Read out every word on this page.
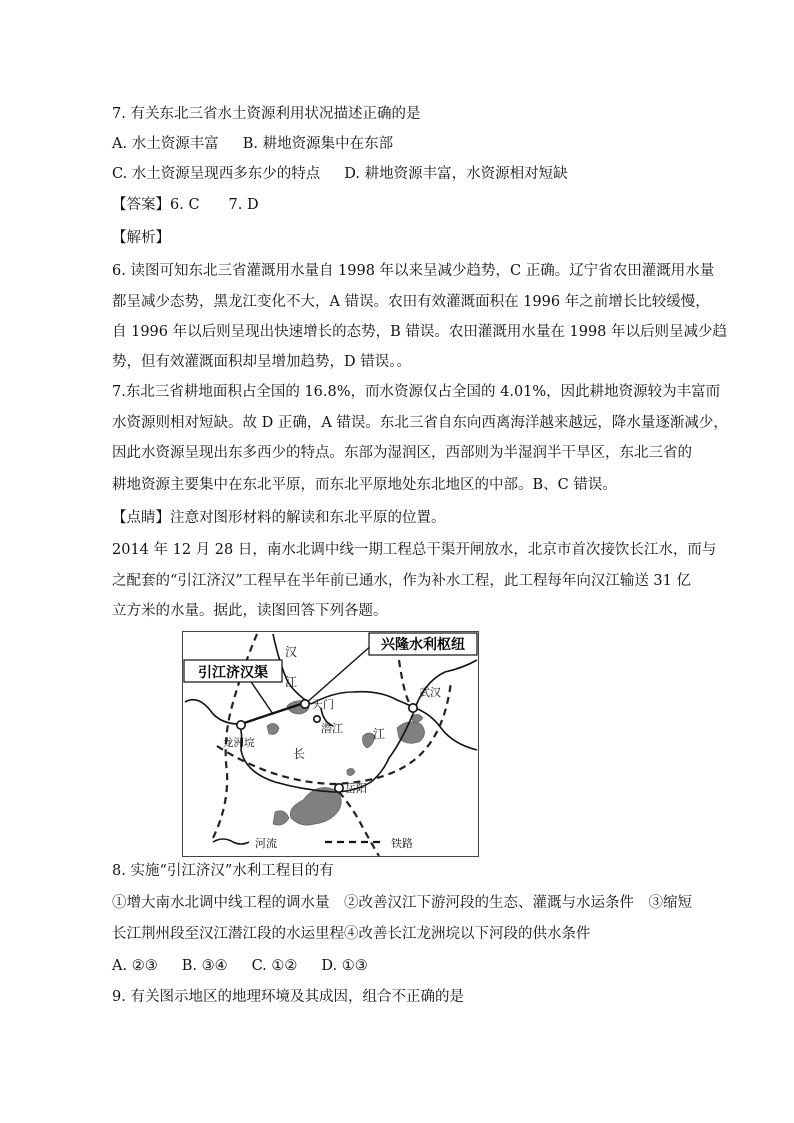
7. 有关东北三省水土资源利用状况描述正确的是
A. 水土资源丰富 B. 耕地资源集中在东部
C. 水土资源呈现西多东少的特点 D. 耕地资源丰富，水资源相对短缺
【答案】6. C　　7. D
【解析】
6. 读图可知东北三省灌溉用水量自 1998 年以来呈减少趋势，C 正确。辽宁省农田灌溉用水量
都呈减少态势，黑龙江变化不大，A 错误。农田有效灌溉面积在 1996 年之前增长比较缓慢，
自 1996 年以后则呈现出快速增长的态势，B 错误。农田灌溉用水量在 1998 年以后则呈减少趋
势，但有效灌溉面积却呈增加趋势，D 错误。。
7.东北三省耕地面积占全国的 16.8%，而水资源仅占全国的 4.01%，因此耕地资源较为丰富而
水资源则相对短缺。故 D 正确，A 错误。东北三省自东向西离海洋越来越远，降水量逐渐减少，
因此水资源呈现出东多西少的特点。东部为湿润区，西部则为半湿润半干旱区，东北三省的
耕地资源主要集中在东北平原，而东北平原地处东北地区的中部。B、C 错误。
【点睛】注意对图形材料的解读和东北平原的位置。
2014 年 12 月 28 日，南水北调中线一期工程总干渠开闸放水，北京市首次接饮长江水，而与
之配套的“引江济汉”工程早在半年前已通水，作为补水工程，此工程每年向汉江输送 31 亿
立方米的水量。据此，读图回答下列各题。
引江济汉渠
兴隆水利枢纽
汉
江
天门
潜江
武汉
龙洲垸
长
江
岳阳
河流	铁路
8. 实施“引江济汉”水利工程目的有
①增大南水北调中线工程的调水量　②改善汉江下游河段的生态、灌溉与水运条件　③缩短
长江荆州段至汉江潜江段的水运里程④改善长江龙洲垸以下河段的供水条件
A. ②③ B. ③④ C. ①② D. ①③
9. 有关图示地区的地理环境及其成因，组合不正确的是
